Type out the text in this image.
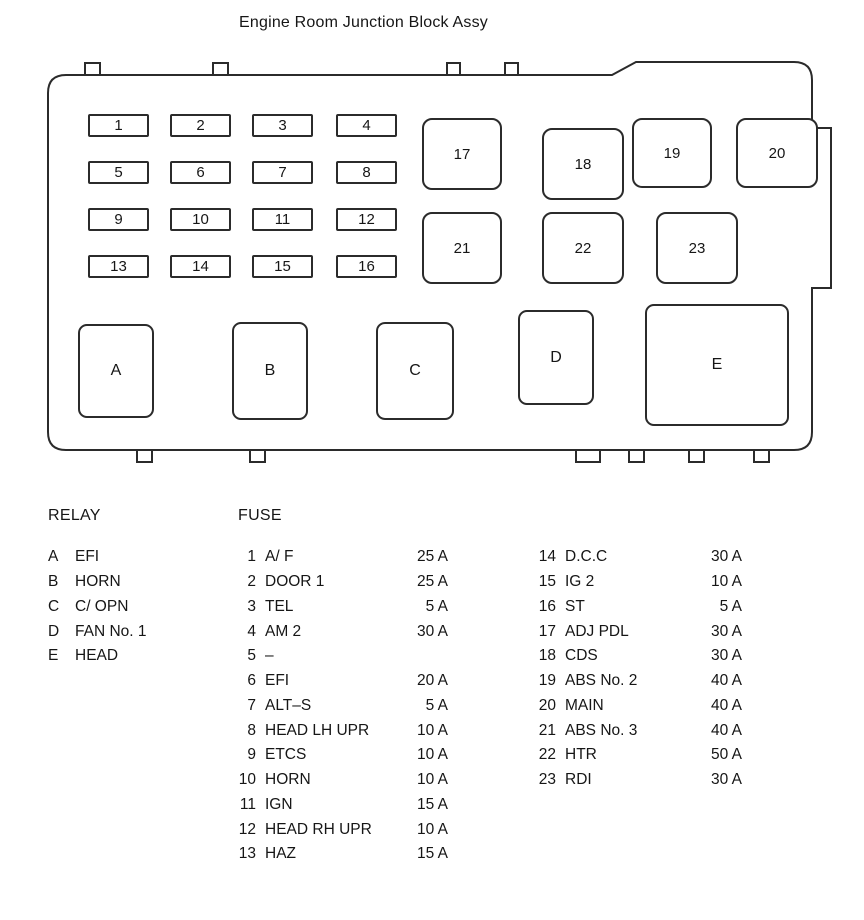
Engine Room Junction Block Assy
1	2	3	4
5	6	7	8
9	10	11	12
13	14	15	16
17
18
19	20
21	22	23
A	B	C
D	E
RELAY	FUSE
A	EFI
B	HORN
C	C/ OPN
D	FAN No. 1
E	HEAD
1 A/ F	25 A
2 DOOR 1	25 A
3 TEL	5 A
4 AM 2	30 A
5 –
6 EFI	20 A
7 ALT–S	5 A
8 HEAD LH UPR	10 A
9 ETCS	10 A
10 HORN	10 A
11 IGN	15 A
12 HEAD RH UPR	10 A
13 HAZ	15 A
14 D.C.C	30 A
15 IG 2	10 A
16 ST	5 A
17 ADJ PDL	30 A
18 CDS	30 A
19 ABS No. 2	40 A
20 MAIN	40 A
21 ABS No. 3	40 A
22 HTR	50 A
23 RDI	30 A
